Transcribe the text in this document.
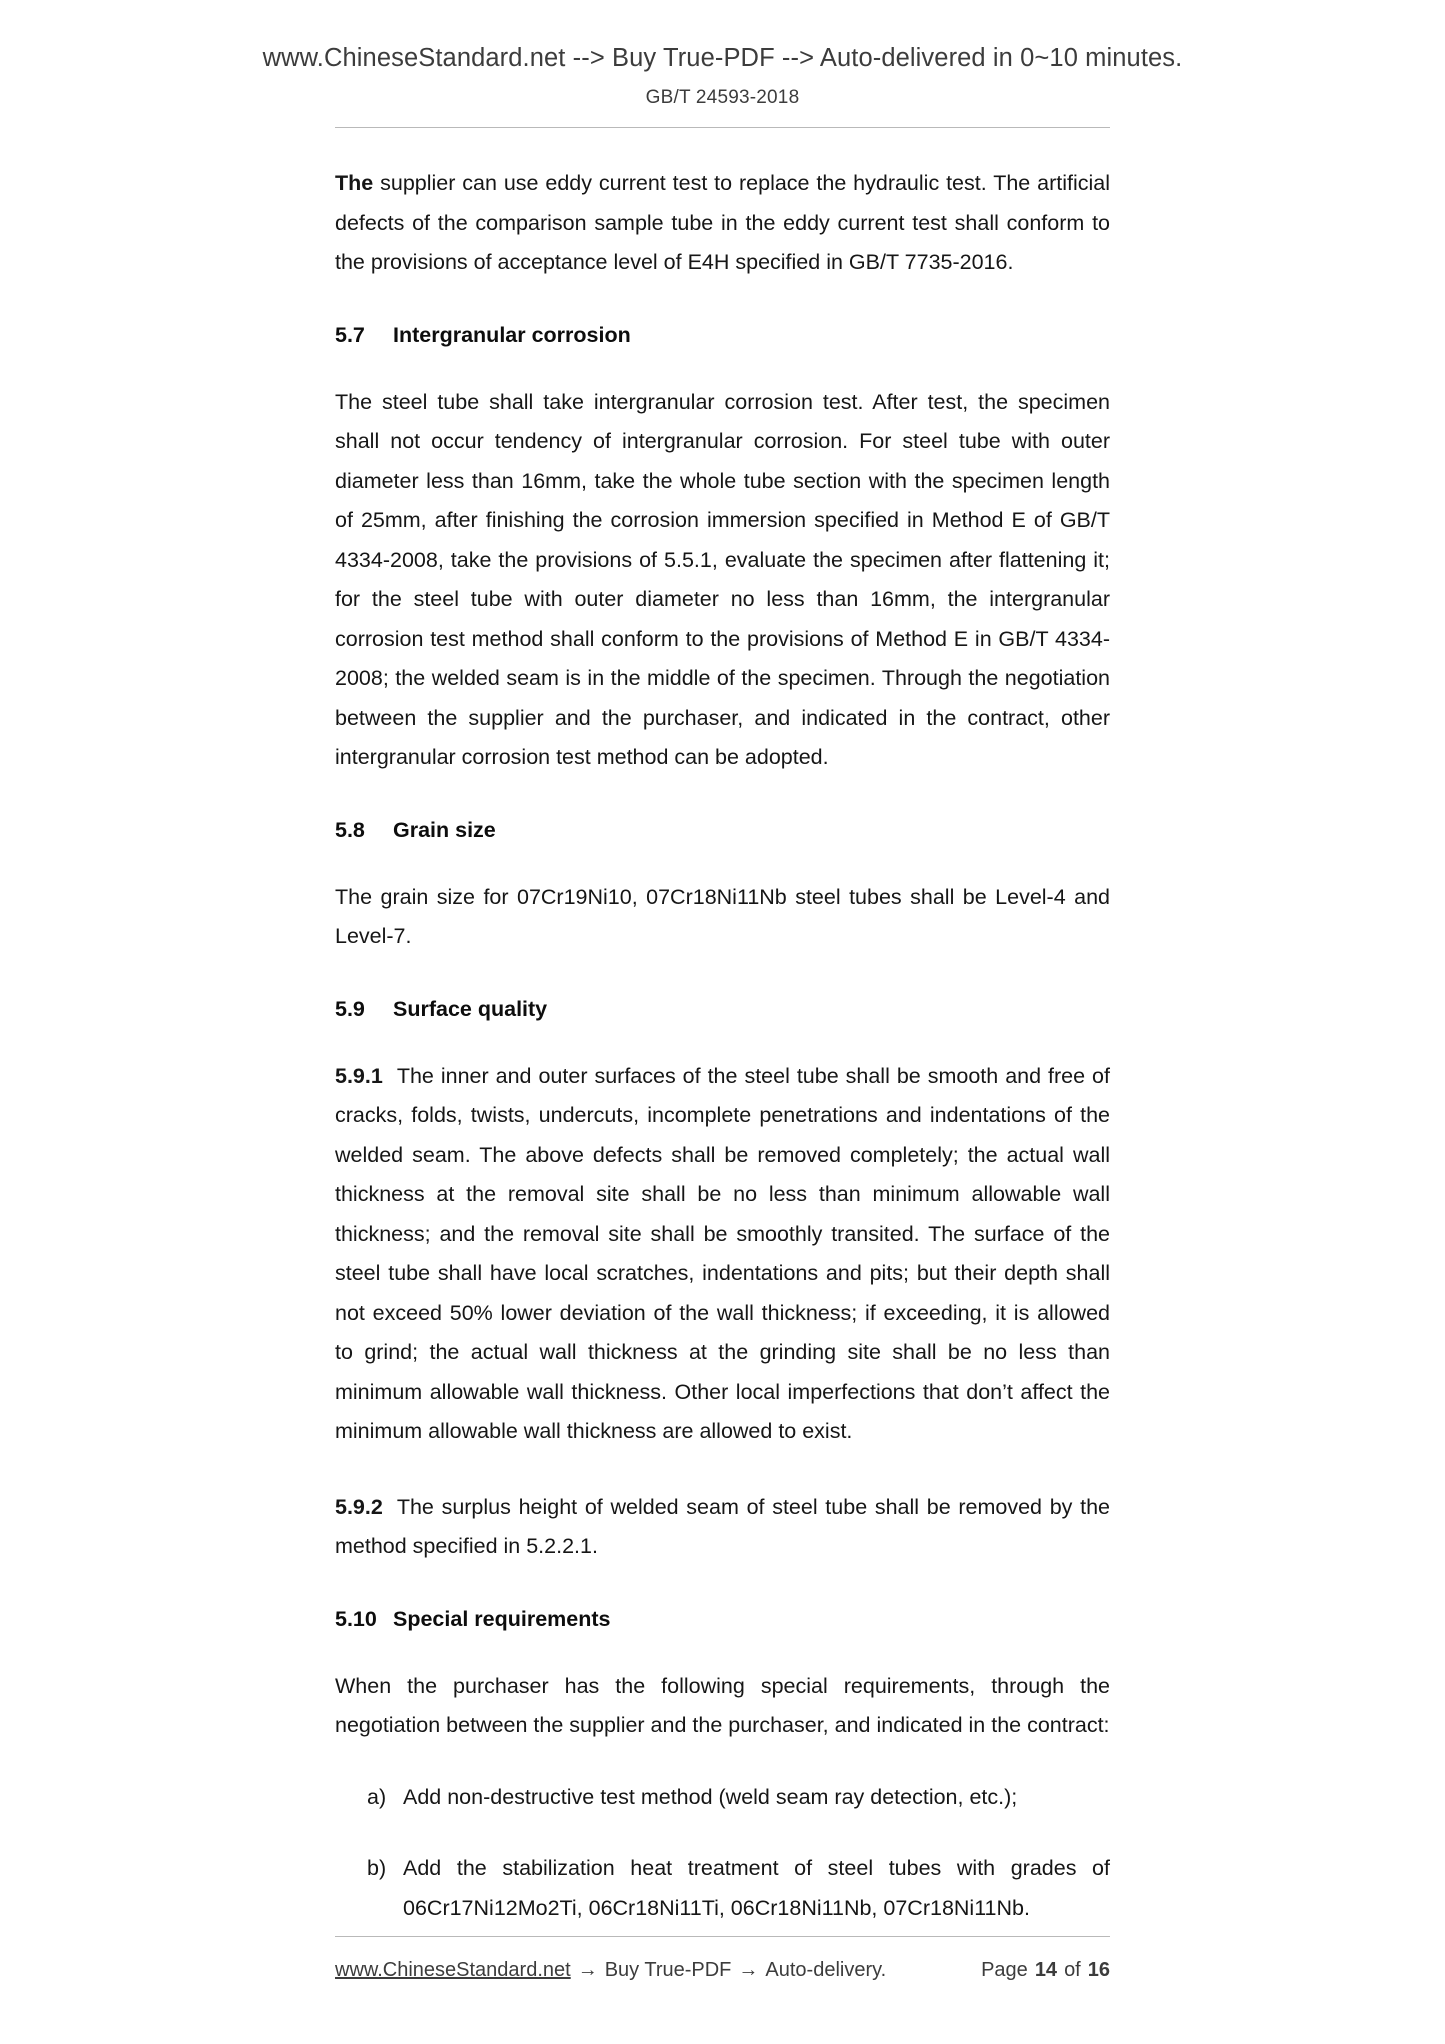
www.ChineseStandard.net --> Buy True-PDF --> Auto-delivered in 0~10 minutes.
GB/T 24593-2018

The supplier can use eddy current test to replace the hydraulic test. The artificial defects of the comparison sample tube in the eddy current test shall conform to the provisions of acceptance level of E4H specified in GB/T 7735-2016.

5.7 Intergranular corrosion

The steel tube shall take intergranular corrosion test. After test, the specimen shall not occur tendency of intergranular corrosion. For steel tube with outer diameter less than 16mm, take the whole tube section with the specimen length of 25mm, after finishing the corrosion immersion specified in Method E of GB/T 4334-2008, take the provisions of 5.5.1, evaluate the specimen after flattening it; for the steel tube with outer diameter no less than 16mm, the intergranular corrosion test method shall conform to the provisions of Method E in GB/T 4334-2008; the welded seam is in the middle of the specimen. Through the negotiation between the supplier and the purchaser, and indicated in the contract, other intergranular corrosion test method can be adopted.

5.8 Grain size

The grain size for 07Cr19Ni10, 07Cr18Ni11Nb steel tubes shall be Level-4 and Level-7.

5.9 Surface quality

5.9.1 The inner and outer surfaces of the steel tube shall be smooth and free of cracks, folds, twists, undercuts, incomplete penetrations and indentations of the welded seam. The above defects shall be removed completely; the actual wall thickness at the removal site shall be no less than minimum allowable wall thickness; and the removal site shall be smoothly transited. The surface of the steel tube shall have local scratches, indentations and pits; but their depth shall not exceed 50% lower deviation of the wall thickness; if exceeding, it is allowed to grind; the actual wall thickness at the grinding site shall be no less than minimum allowable wall thickness. Other local imperfections that don’t affect the minimum allowable wall thickness are allowed to exist.

5.9.2 The surplus height of welded seam of steel tube shall be removed by the method specified in 5.2.2.1.

5.10 Special requirements

When the purchaser has the following special requirements, through the negotiation between the supplier and the purchaser, and indicated in the contract:

a) Add non-destructive test method (weld seam ray detection, etc.);
b) Add the stabilization heat treatment of steel tubes with grades of 06Cr17Ni12Mo2Ti, 06Cr18Ni11Ti, 06Cr18Ni11Nb, 07Cr18Ni11Nb.
www.ChineseStandard.net → Buy True-PDF → Auto-delivery.	Page 14 of 16
